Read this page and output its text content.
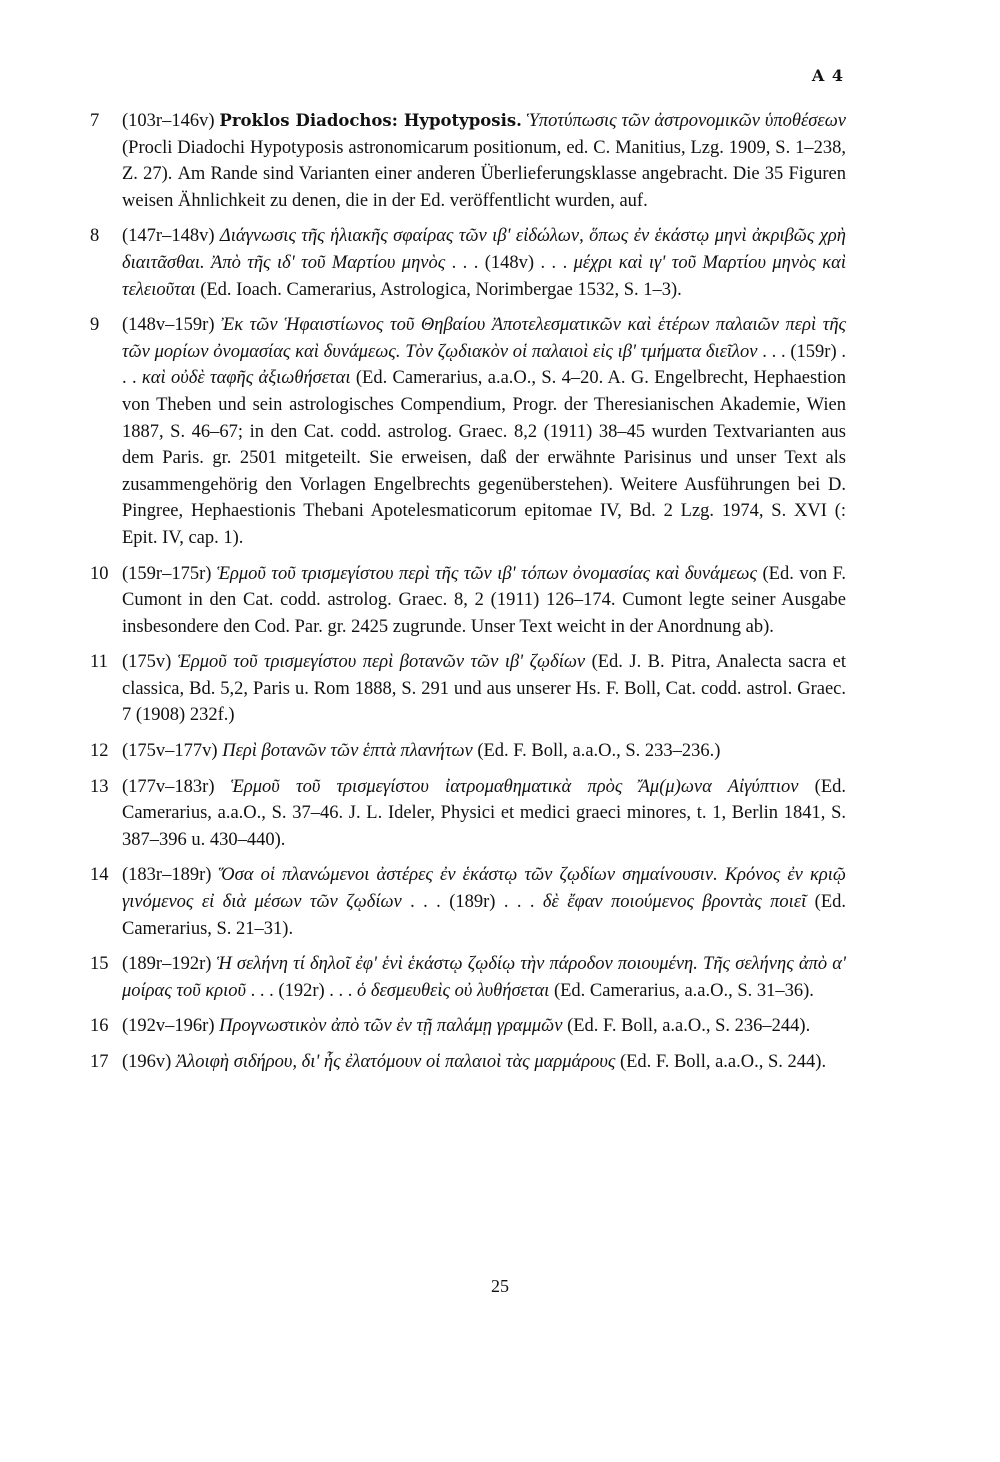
A 4
7	(103r–146v) Proklos Diadochos: Hypotyposis. Ὑποτύπωσις τῶν ἀστρονομικῶν ὑποθέσεων (Procli Diadochi Hypotyposis astronomicarum positionum, ed. C. Manitius, Lzg. 1909, S. 1–238, Z. 27). Am Rande sind Varianten einer anderen Überlieferungsklasse angebracht. Die 35 Figuren weisen Ähnlichkeit zu denen, die in der Ed. veröffentlicht wurden, auf.
8	(147r–148v) Διάγνωσις τῆς ἡλιακῆς σφαίρας τῶν ιβ' εἰδώλων, ὅπως ἐν ἑκάστῳ μηνὶ ἀκριβῶς χρὴ διαιτᾶσθαι. Ἀπὸ τῆς ιδ' τοῦ Μαρτίου μηνὸς . . . (148v) . . . μέχρι καὶ ιγ' τοῦ Μαρτίου μηνὸς καὶ τελειοῦται (Ed. Ioach. Camerarius, Astrologica, Norimbergae 1532, S. 1–3).
9	(148v–159r) Ἐκ τῶν Ἡφαιστίωνος τοῦ Θηβαίου Ἀποτελεσματικῶν καὶ ἑτέρων παλαιῶν περὶ τῆς τῶν μορίων ὀνομασίας καὶ δυνάμεως. Τὸν ζῳδιακὸν οἱ παλαιοὶ εἰς ιβ' τμήματα διεῖλον . . . (159r) . . . καὶ οὐδὲ ταφῆς ἀξιωθήσεται (Ed. Camerarius, a.a.O., S. 4–20. A. G. Engelbrecht, Hephaestion von Theben und sein astrologisches Compendium, Progr. der Theresianischen Akademie, Wien 1887, S. 46–67; in den Cat. codd. astrolog. Graec. 8,2 (1911) 38–45 wurden Textvarianten aus dem Paris. gr. 2501 mitgeteilt. Sie erweisen, daß der erwähnte Parisinus und unser Text als zusammengehörig den Vorlagen Engelbrechts gegenüberstehen). Weitere Ausführungen bei D. Pingree, Hephaestionis Thebani Apotelesmaticorum epitomae IV, Bd. 2 Lzg. 1974, S. XVI (: Epit. IV, cap. 1).
10 (159r–175r) Ἑρμοῦ τοῦ τρισμεγίστου περὶ τῆς τῶν ιβ' τόπων ὀνομασίας καὶ δυνάμεως (Ed. von F. Cumont in den Cat. codd. astrolog. Graec. 8, 2 (1911) 126–174. Cumont legte seiner Ausgabe insbesondere den Cod. Par. gr. 2425 zugrunde. Unser Text weicht in der Anordnung ab).
11 (175v) Ἑρμοῦ τοῦ τρισμεγίστου περὶ βοτανῶν τῶν ιβ' ζῳδίων (Ed. J. B. Pitra, Analecta sacra et classica, Bd. 5,2, Paris u. Rom 1888, S. 291 und aus unserer Hs. F. Boll, Cat. codd. astrol. Graec. 7 (1908) 232f.)
12 (175v–177v) Περὶ βοτανῶν τῶν ἑπτὰ πλανήτων (Ed. F. Boll, a.a.O., S. 233–236.)
13 (177v–183r) Ἑρμοῦ τοῦ τρισμεγίστου ἰατρομαθηματικὰ πρὸς Ἄμ(μ)ωνα Αἰγύπτιον (Ed. Camerarius, a.a.O., S. 37–46. J. L. Ideler, Physici et medici graeci minores, t. 1, Berlin 1841, S. 387–396 u. 430–440).
14 (183r–189r) Ὅσα οἱ πλανώμενοι ἀστέρες ἐν ἑκάστῳ τῶν ζῳδίων σημαίνουσιν. Κρόνος ἐν κριῷ γινόμενος εἰ διὰ μέσων τῶν ζῳδίων . . . (189r) . . . δὲ ἔφαν ποιούμενος βροντὰς ποιεῖ (Ed. Camerarius, S. 21–31).
15 (189r–192r) Ἡ σελήνη τί δηλοῖ ἐφ' ἑνὶ ἑκάστῳ ζῳδίῳ τὴν πάροδον ποιουμένη. Τῆς σελήνης ἀπὸ α' μοίρας τοῦ κριοῦ . . . (192r) . . . ὁ δεσμευθεὶς οὐ λυθήσεται (Ed. Camerarius, a.a.O., S. 31–36).
16 (192v–196r) Προγνωστικὸν ἀπὸ τῶν ἐν τῇ παλάμῃ γραμμῶν (Ed. F. Boll, a.a.O., S. 236–244).
17 (196v) Ἀλοιφὴ σιδήρου, δι' ἧς ἐλατόμουν οἱ παλαιοὶ τὰς μαρμάρους (Ed. F. Boll, a.a.O., S. 244).
25
